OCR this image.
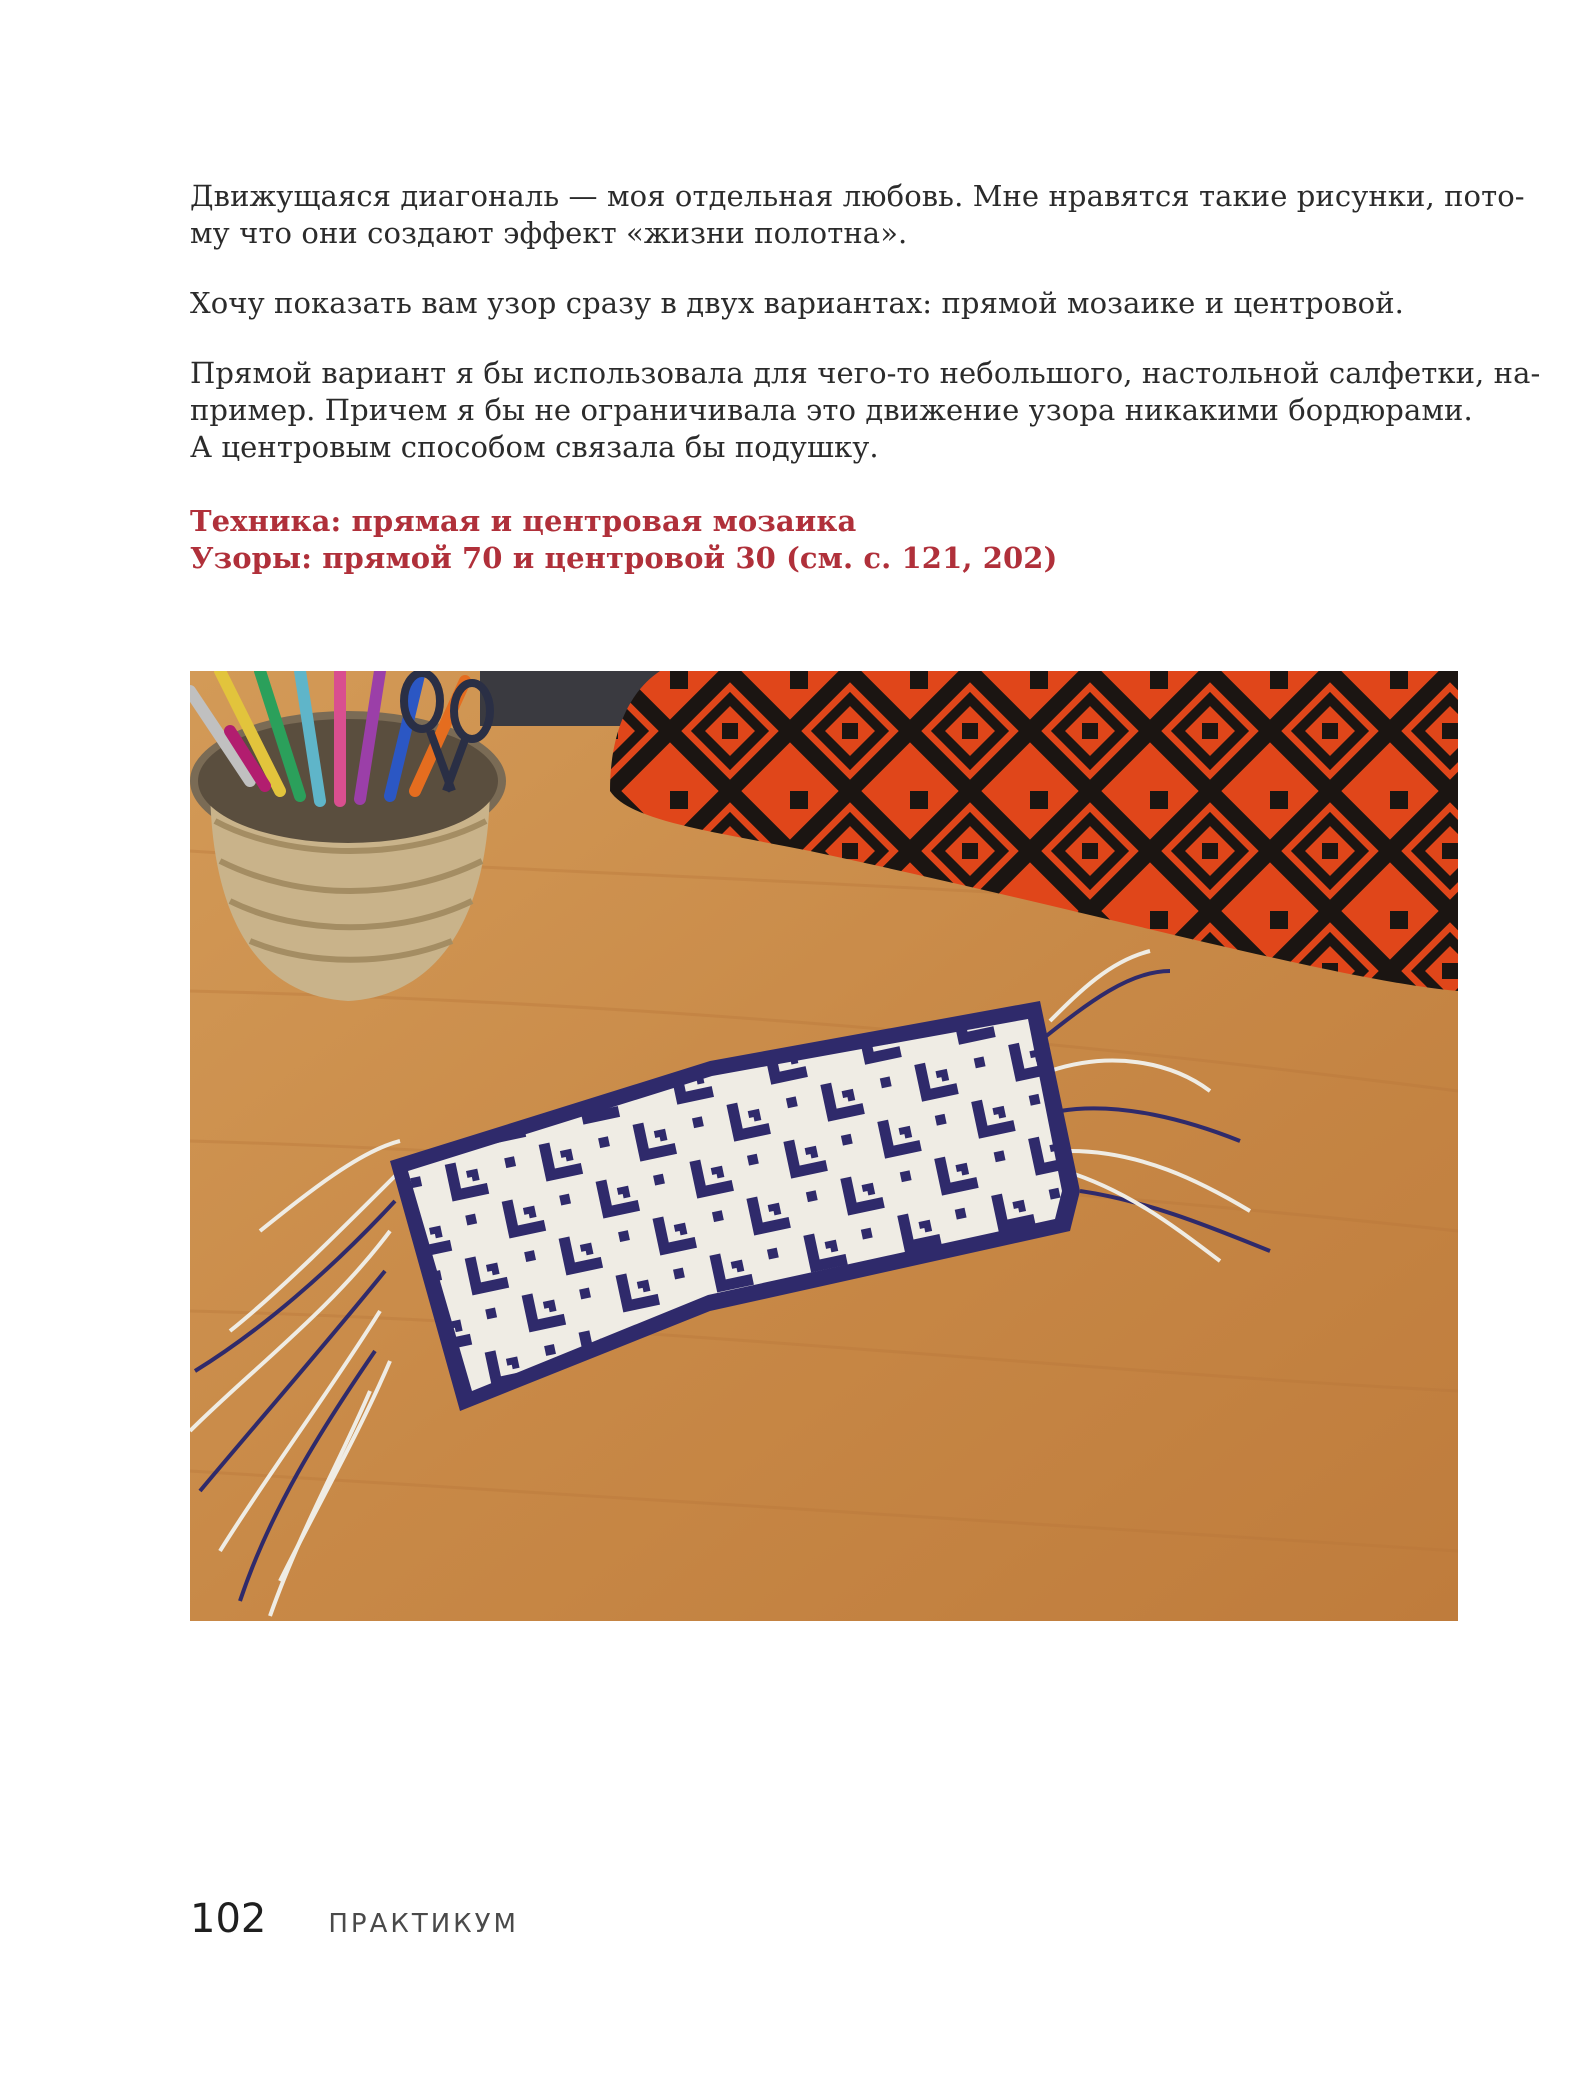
Движущаяся диагональ — моя отдельная любовь. Мне нравятся такие рисунки, пото-
му что они создают эффект «жизни полотна».

Хочу показать вам узор сразу в двух вариантах: прямой мозаике и центровой.

Прямой вариант я бы использовала для чего-то небольшого, настольной салфетки, на-
пример. Причем я бы не ограничивала это движение узора никакими бордюрами.
А центровым способом связала бы подушку.

Техника: прямая и центровая мозаика
Узоры: прямой 70 и центровой 30 (см. с. 121, 202)
102 ПРАКТИКУМ
